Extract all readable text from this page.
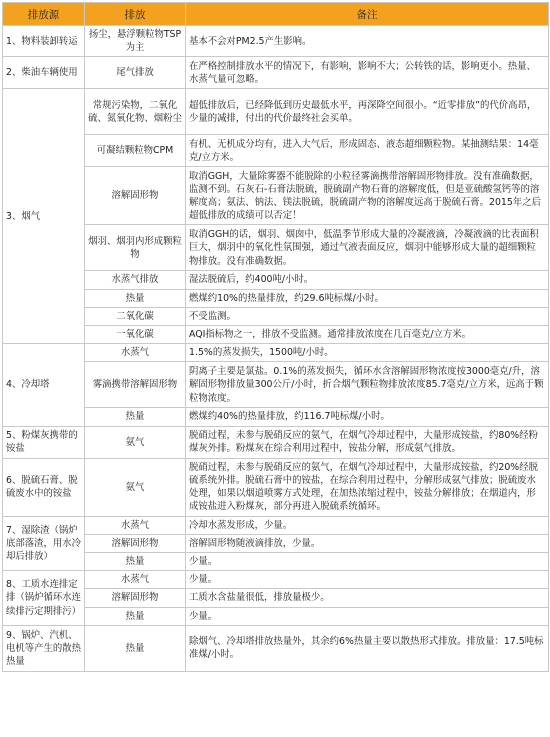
排放源	排放	备注
1、物料装卸转运	扬尘，悬浮颗粒物TSP为主	基本不会对PM2.5产生影响。
2、柴油车辆使用	尾气排放	在严格控制排放水平的情况下，有影响，影响不大；公转铁的话，影响更小。热量、水蒸气量可忽略。
3、烟气	常规污染物，二氧化硫、氮氧化物、烟粉尘	超低排放后，已经降低到历史最低水平，再深降空间很小。“近零排放”的代价高昂，少量的减排，付出的代价最终社会买单。
	可凝结颗粒物CPM	有机、无机成分均有，进入大气后，形成固态、液态超细颗粒物。某抽测结果：14毫克/立方米。
	溶解固形物	取消GGH，大量除雾器不能脱除的小粒径雾滴携带溶解固形物排放。没有准确数据，监测不到。石灰石-石膏法脱硫，脱硫副产物石膏的溶解度低，但是亚硫酸氢钙等的溶解度高；氨法、钠法、镁法脱硫，脱硫副产物的溶解度远高于脱硫石膏。2015年之后超低排放的成绩可以否定！
	烟羽、烟羽内形成颗粒物	取消GGH的话，烟羽、烟囱中，低温季节形成大量的冷凝液滴，冷凝液滴的比表面积巨大，烟羽中的氧化性氛围强，通过气液表面反应，烟羽中能够形成大量的超细颗粒物排放。没有准确数据。
	水蒸气排放	湿法脱硫后，约400吨/小时。
	热量	燃煤约10%的热量排放，约29.6吨标煤/小时。
	二氧化碳	不受监测。
	一氧化碳	AQI指标物之一，排放不受监测。通常排放浓度在几百毫克/立方米。
4、冷却塔	水蒸气	1.5%的蒸发损失，1500吨/小时。
	雾滴携带溶解固形物	阴离子主要是氯盐。0.1%的蒸发损失，循环水含溶解固形物浓度按3000毫克/升，溶解固形物排放量300公斤/小时，折合烟气颗粒物排放浓度85.7毫克/立方米，远高于颗粒物浓度。
	热量	燃煤约40%的热量排放，约116.7吨标煤/小时。
5、粉煤灰携带的铵盐	氨气	脱硝过程，未参与脱硝反应的氨气，在烟气冷却过程中，大量形成铵盐，约80%经粉煤灰外排。粉煤灰在综合利用过程中，铵盐分解，形成氨气排放。
6、脱硫石膏、脱硫废水中的铵盐	氨气	脱硝过程，未参与脱硝反应的氨气，在烟气冷却过程中，大量形成铵盐，约20%经脱硫系统外排。脱硫石膏中的铵盐，在综合利用过程中，分解形成氨气排放；脱硫废水处理，如果以烟道喷雾方式处理，在加热浓缩过程中，铵盐分解排放；在烟道内，形成铵盐进入粉煤灰，部分再进入脱硫系统循环。
7、湿除渣（锅炉底部落渣，用水冷却后排放）	水蒸气	冷却水蒸发形成，少量。
	溶解固形物	溶解固形物随液滴排放，少量。
	热量	少量。
8、工质水连排定排（锅炉循环水连续排污定期排污）	水蒸气	少量。
	溶解固形物	工质水含盐量很低，排放量极少。
	热量	少量。
9、锅炉、汽机、电机等产生的散热热量	热量	除烟气、冷却塔排放热量外，其余约6%热量主要以散热形式排放。排放量：17.5吨标准煤/小时。
